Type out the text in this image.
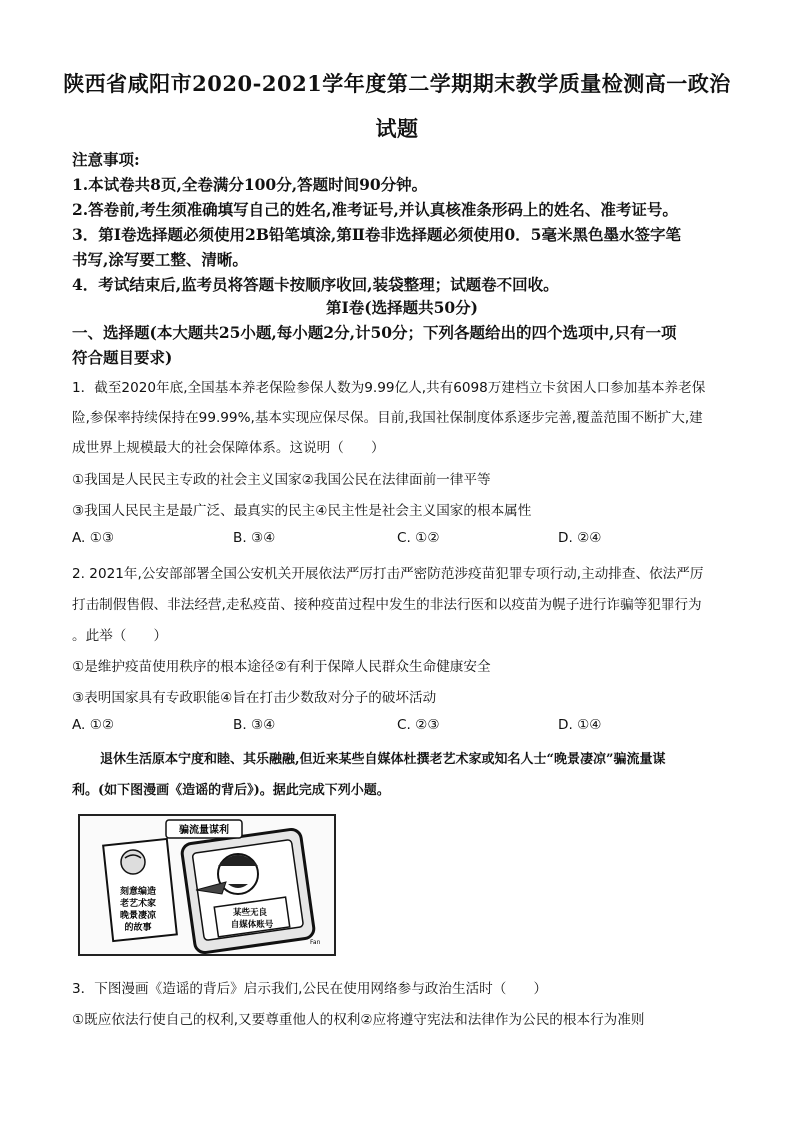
陕西省咸阳市2020-2021学年度第二学期期末教学质量检测高一政治
试题
注意事项:
1.本试卷共8页,全卷满分100分,答题时间90分钟。
2.答卷前,考生须准确填写自己的姓名,准考证号,并认真核准条形码上的姓名、准考证号。
3．第Ⅰ卷选择题必须使用2B铅笔填涂,第Ⅱ卷非选择题必须使用0．5毫米黑色墨水签字笔
书写,涂写要工整、清晰。
4．考试结束后,监考员将答题卡按顺序收回,装袋整理；试题卷不回收。
第Ⅰ卷(选择题共50分)
一、选择题(本大题共25小题,每小题2分,计50分；下列各题给出的四个选项中,只有一项
符合题目要求)
1．截至2020年底,全国基本养老保险参保人数为9.99亿人,共有6098万建档立卡贫困人口参加基本养老保
险,参保率持续保持在99.99%,基本实现应保尽保。目前,我国社保制度体系逐步完善,覆盖范围不断扩大,建
成世界上规模最大的社会保障体系。这说明（　　）
①我国是人民民主专政的社会主义国家②我国公民在法律面前一律平等
③我国人民民主是最广泛、最真实的民主④民主性是社会主义国家的根本属性
A. ①③	B. ③④	C. ①②	D. ②④
2. 2021年,公安部部署全国公安机关开展依法严厉打击严密防范涉疫苗犯罪专项行动,主动排查、依法严厉
打击制假售假、非法经营,走私疫苗、接种疫苗过程中发生的非法行医和以疫苗为幌子进行诈骗等犯罪行为
。此举（　　）
①是维护疫苗使用秩序的根本途径②有利于保障人民群众生命健康安全
③表明国家具有专政职能④旨在打击少数敌对分子的破坏活动
A. ①②	B. ③④	C. ②③	D. ①④
退休生活原本宁度和睦、其乐融融,但近来某些自媒体杜撰老艺术家或知名人士“晚景凄凉”骗流量谋
利。(如下图漫画《造谣的背后》)。据此完成下列小题。
骗流量谋利
刻意编造
老艺术家
晚景凄凉
的故事
某些无良
自媒体账号
Fan
3．下图漫画《造谣的背后》启示我们,公民在使用网络参与政治生活时（　　）
①既应依法行使自己的权利,又要尊重他人的权利②应将遵守宪法和法律作为公民的根本行为准则
